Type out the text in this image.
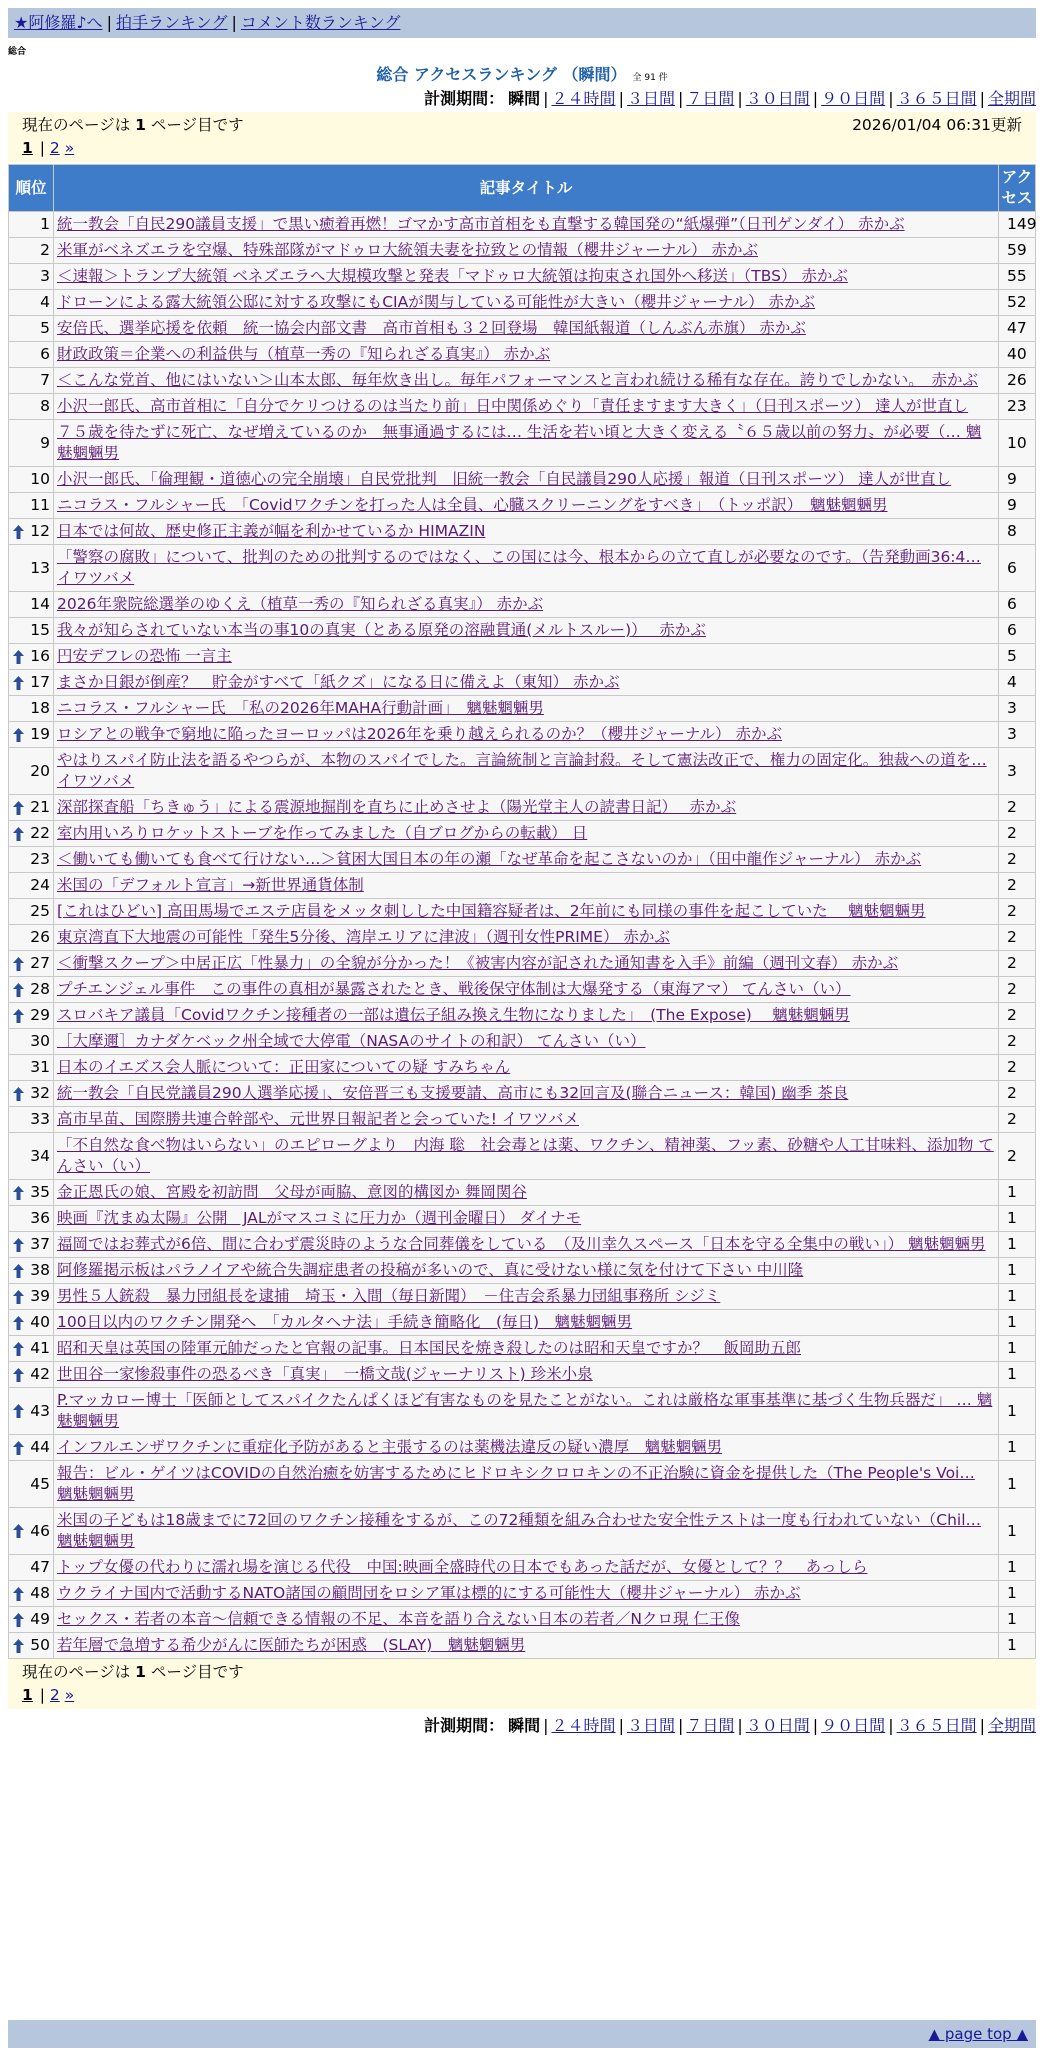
★阿修羅♪へ | 拍手ランキング | コメント数ランキング
総合
総合 アクセスランキング （瞬間） 全 91 件
計測期間： 瞬間 | ２４時間 | ３日間 | ７日間 | ３０日間 | ９０日間 | ３６５日間 | 全期間
現在のページは 1 ページ目です	2026/01/04 06:31更新
1 | 2 »
順位	記事タイトル	アクセス
1	統一教会「自民290議員支援」で黒い癒着再燃！ゴマかす高市首相をも直撃する韓国発の“紙爆弾”（日刊ゲンダイ） 赤かぶ	149
2	米軍がベネズエラを空爆、特殊部隊がマドゥロ大統領夫妻を拉致との情報（櫻井ジャーナル） 赤かぶ	59
3	＜速報＞トランプ大統領 ベネズエラへ大規模攻撃と発表「マドゥロ大統領は拘束され国外へ移送」（TBS） 赤かぶ	55
4	ドローンによる露大統領公邸に対する攻撃にもCIAが関与している可能性が大きい（櫻井ジャーナル） 赤かぶ	52
5	安倍氏、選挙応援を依頼　統一協会内部文書　高市首相も３２回登場　韓国紙報道（しんぶん赤旗） 赤かぶ	47
6	財政政策＝企業への利益供与（植草一秀の『知られざる真実』） 赤かぶ	40
7	＜こんな党首、他にはいない＞山本太郎、毎年炊き出し。毎年パフォーマンスと言われ続ける稀有な存在。誇りでしかない。　赤かぶ	26
8	小沢一郎氏、高市首相に「自分でケリつけるのは当たり前」日中関係めぐり「責任ますます大きく」（日刊スポーツ） 達人が世直し	23
9	７５歳を待たずに死亡、なぜ増えているのか　無事通過するには… 生活を若い頃と大きく変える〝６５歳以前の努力〟が必要（… 魑魅魍魎男	10
10	小沢一郎氏、「倫理観・道徳心の完全崩壊」自民党批判　旧統一教会「自民議員290人応援」報道（日刊スポーツ） 達人が世直し	9
11	ニコラス・フルシャー氏　「Covidワクチンを打った人は全員、心臓スクリーニングをすべき」　（トッポ訳）　魑魅魍魎男	9

12	日本では何故、歴史修正主義が幅を利かせているか HIMAZIN	8
13	「警察の腐敗」について、批判のための批判するのではなく、この国には今、根本からの立て直しが必要なのです。（告発動画36:4… イワツバメ	6
14	2026年衆院総選挙のゆくえ（植草一秀の『知られざる真実』） 赤かぶ	6
15	我々が知らされていない本当の事10の真実（とある原発の溶融貫通(メルトスルー)）　 赤かぶ	6

16	円安デフレの恐怖 一言主	5

17	まさか日銀が倒産？　貯金がすべて「紙クズ」になる日に備えよ（東知） 赤かぶ	4
18	ニコラス・フルシャー氏　「私の2026年MAHA行動計画」　魑魅魍魎男	3

19	ロシアとの戦争で窮地に陥ったヨーロッパは2026年を乗り越えられるのか？（櫻井ジャーナル） 赤かぶ	3
20	やはりスパイ防止法を語るやつらが、本物のスパイでした。言論統制と言論封殺。そして憲法改正で、権力の固定化。独裁への道を… イワツバメ	3

21	深部探査船「ちきゅう」による震源地掘削を直ちに止めさせよ（陽光堂主人の読書日記）　 赤かぶ	2

22	室内用いろりロケットストーブを作ってみました（自ブログからの転載） 日	2
23	＜働いても働いても食べて行けない…＞貧困大国日本の年の瀬「なぜ革命を起こさないのか」（田中龍作ジャーナル） 赤かぶ	2
24	米国の「デフォルト宣言」→新世界通貨体制	2
25	[これはひどい] 高田馬場でエステ店員をメッタ刺しした中国籍容疑者は、2年前にも同様の事件を起こしていた　 魑魅魍魎男	2
26	東京湾直下大地震の可能性「発生5分後、湾岸エリアに津波」（週刊女性PRIME） 赤かぶ	2

27	＜衝撃スクープ＞中居正広「性暴力」の全貌が分かった！《被害内容が記された通知書を入手》前編（週刊文春） 赤かぶ	2

28	プチエンジェル事件　この事件の真相が暴露されたとき、戦後保守体制は大爆発する（東海アマ） てんさい（い）	2

29	スロバキア議員「Covidワクチン接種者の一部は遺伝子組み換え生物になりました」　(The Expose)　 魑魅魍魎男	2
30	［大摩邇］カナダケベック州全域で大停電（NASAのサイトの和訳） てんさい（い）	2
31	日本のイエズス会人脈について：正田家についての疑 すみちゃん	2

32	統一教会「自民党議員290人選挙応援」、安倍晋三も支援要請、高市にも32回言及(聯合ニュース：韓国) 幽季 茶良	2
33	高市早苗、国際勝共連合幹部や、元世界日報記者と会っていた! イワツバメ	2
34	「不自然な食べ物はいらない」のエピローグより　内海 聡　社会毒とは薬、ワクチン、精神薬、フッ素、砂糖や人工甘味料、添加物 てんさい（い）	2

35	金正恩氏の娘、宮殿を初訪問　父母が両脇、意図的構図か 舞岡関谷	1
36	映画『沈まぬ太陽』公開　JALがマスコミに圧力か（週刊金曜日） ダイナモ	1

37	福岡ではお葬式が6倍、間に合わず震災時のような合同葬儀をしている　（及川幸久スペース「日本を守る全集中の戦い」） 魑魅魍魎男	1

38	阿修羅掲示板はパラノイアや統合失調症患者の投稿が多いので、真に受けない様に気を付けて下さい 中川隆	1

39	男性５人銃殺　暴力団組長を逮捕　埼玉・入間（毎日新聞）　－住吉会系暴力団組事務所 シジミ	1

40	100日以内のワクチン開発へ　「カルタヘナ法」手続き簡略化　(毎日)　魑魅魍魎男	1

41	昭和天皇は英国の陸軍元帥だったと官報の記事。日本国民を焼き殺したのは昭和天皇ですか？　飯岡助五郎	1

42	世田谷一家惨殺事件の恐るべき「真実」　一橋文哉(ジャーナリスト) 珍米小泉	1

43	P.マッカロー博士「医師としてスパイクたんぱくほど有害なものを見たことがない。これは厳格な軍事基準に基づく生物兵器だ」 … 魑魅魍魎男	1

44	インフルエンザワクチンに重症化予防があると主張するのは薬機法違反の疑い濃厚　魑魅魍魎男	1
45	報告：ビル・ゲイツはCOVIDの自然治癒を妨害するためにヒドロキシクロロキンの不正治験に資金を提供した（The People's Voi… 魑魅魍魎男	1

46	米国の子どもは18歳までに72回のワクチン接種をするが、この72種類を組み合わせた安全性テストは一度も行われていない（Chil… 魑魅魍魎男	1
47	トップ女優の代わりに濡れ場を演じる代役　中国:映画全盛時代の日本でもあった話だが、女優として？？　あっしら	1

48	ウクライナ国内で活動するNATO諸国の顧問団をロシア軍は標的にする可能性大（櫻井ジャーナル） 赤かぶ	1

49	セックス・若者の本音〜信頼できる情報の不足、本音を語り合えない日本の若者／Nクロ現 仁王像	1

50	若年層で急増する希少がんに医師たちが困惑　(SLAY)　魑魅魍魎男	1
現在のページは 1 ページ目です
1 | 2 »
計測期間： 瞬間 | ２４時間 | ３日間 | ７日間 | ３０日間 | ９０日間 | ３６５日間 | 全期間
▲ page top ▲
